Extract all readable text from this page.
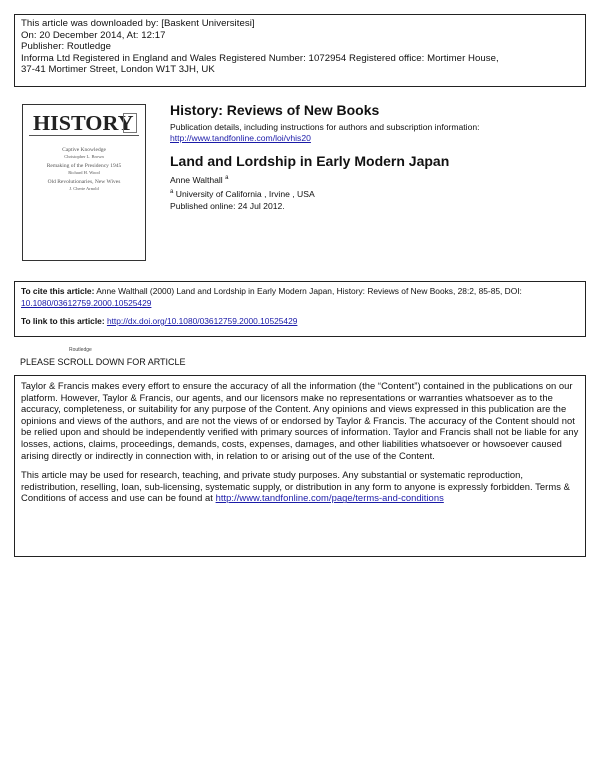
This article was downloaded by: [Baskent Universitesi]
On: 20 December 2014, At: 12:17
Publisher: Routledge
Informa Ltd Registered in England and Wales Registered Number: 1072954 Registered office: Mortimer House,
37-41 Mortimer Street, London W1T 3JH, UK
HISTORY
Captive Knowledge
Christopher L. Brown
Remaking of the Presidency 1945
Richard H. Wood
Old Revolutionaries, New Wives
J. Cherie Arnold
Routledge
History: Reviews of New Books
Publication details, including instructions for authors and subscription information:
http://www.tandfonline.com/loi/vhis20
Land and Lordship in Early Modern Japan
Anne Walthall $^a$
$^a$ University of California , Irvine , USA
Published online: 24 Jul 2012.
To cite this article: Anne Walthall (2000) Land and Lordship in Early Modern Japan, History: Reviews of New Books, 28:2, 85-85, DOI: 10.1080/03612759.2000.10525429
To link to this article: http://dx.doi.org/10.1080/03612759.2000.10525429
PLEASE SCROLL DOWN FOR ARTICLE

Taylor & Francis makes every effort to ensure the accuracy of all the information (the “Content”) contained in the publications on our platform. However, Taylor & Francis, our agents, and our licensors make no representations or warranties whatsoever as to the accuracy, completeness, or suitability for any purpose of the Content. Any opinions and views expressed in this publication are the opinions and views of the authors, and are not the views of or endorsed by Taylor & Francis. The accuracy of the Content should not be relied upon and should be independently verified with primary sources of information. Taylor and Francis shall not be liable for any losses, actions, claims, proceedings, demands, costs, expenses, damages, and other liabilities whatsoever or howsoever caused arising directly or indirectly in connection with, in relation to or arising out of the use of the Content.

This article may be used for research, teaching, and private study purposes. Any substantial or systematic reproduction, redistribution, reselling, loan, sub-licensing, systematic supply, or distribution in any form to anyone is expressly forbidden. Terms & Conditions of access and use can be found at http://www.tandfonline.com/page/terms-and-conditions
